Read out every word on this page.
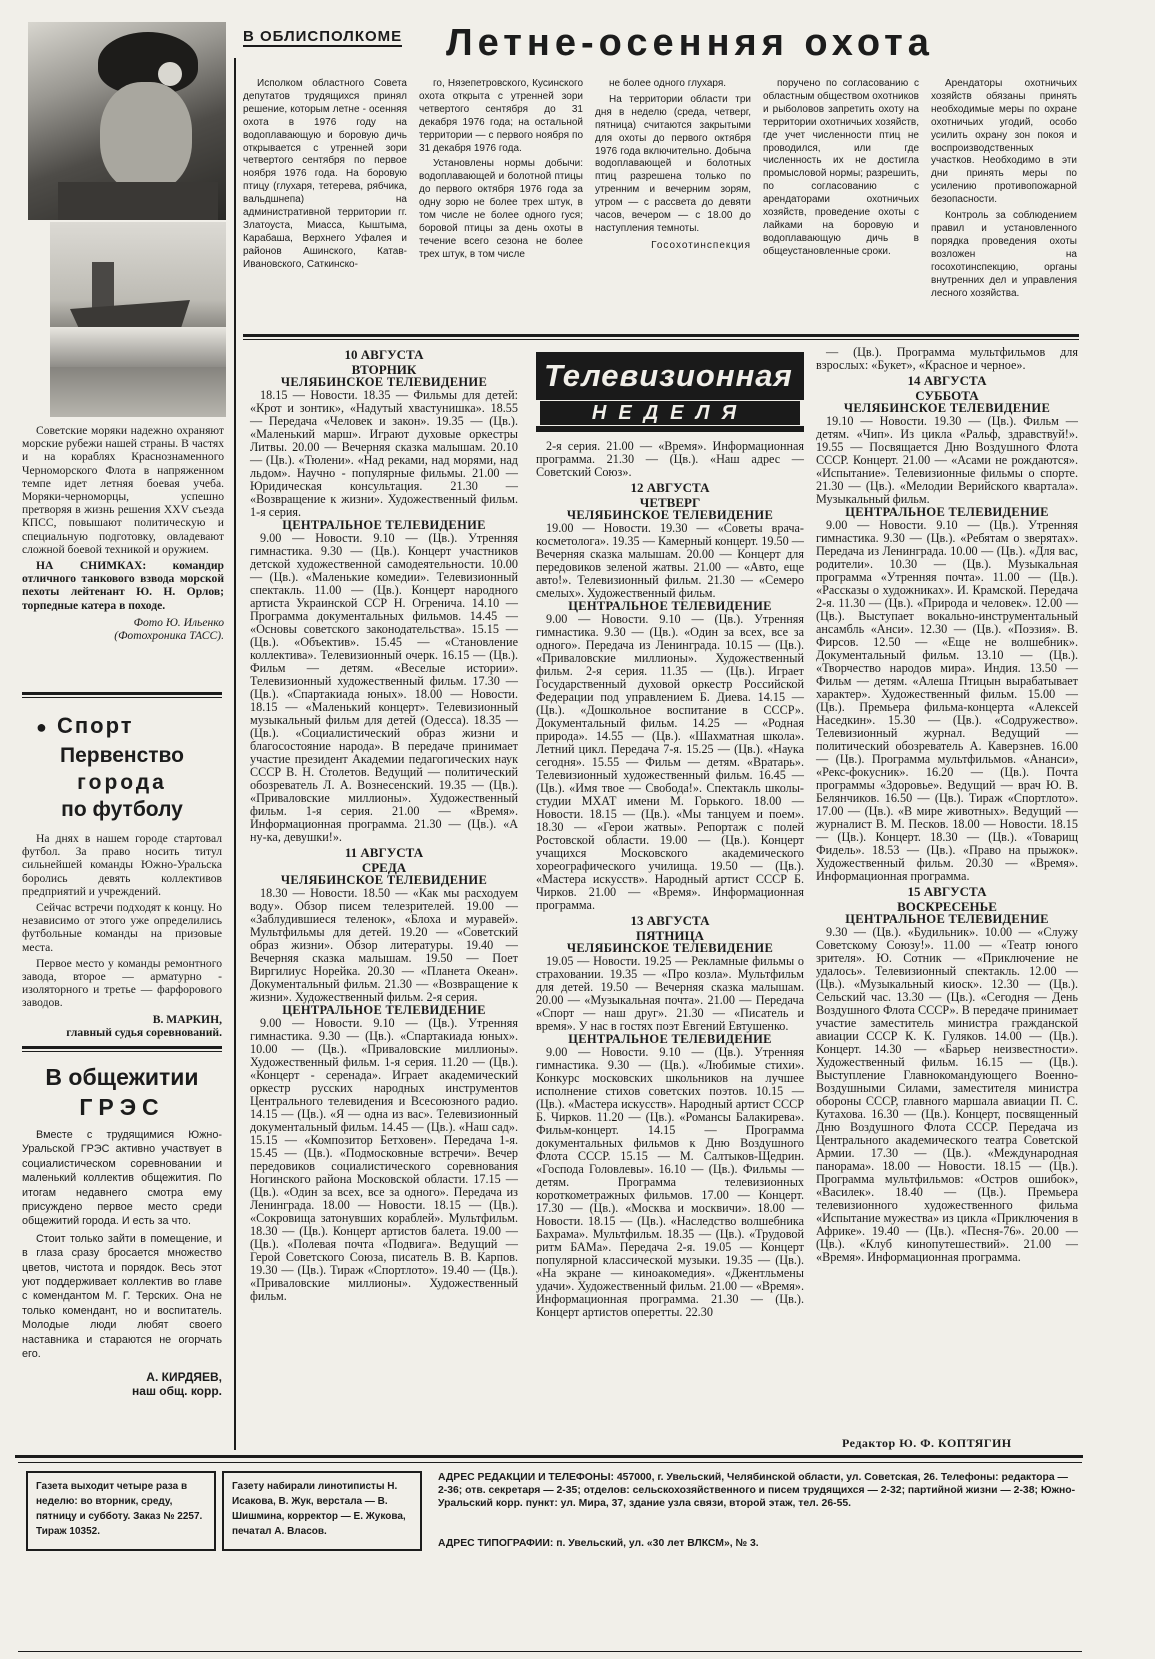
Советские моряки надежно охраняют морские рубежи нашей страны. В частях и на кораблях Краснознаменного Черноморского Флота в напряженном темпе идет летняя боевая учеба. Моряки-черноморцы, успешно претворяя в жизнь решения XXV съезда КПСС, повышают политическую и специальную подготовку, овладевают сложной боевой техникой и оружием.

НА СНИМКАХ: командир отличного танкового взвода морской пехоты лейтенант Ю. Н. Орлов; торпедные катера в походе.

Фото Ю. Ильенко
(Фотохроника ТАСС).
● Спорт
Первенство
города
по футболу

На днях в нашем городе стартовал футбол. За право носить титул сильнейшей команды Южно-Уральска боролись девять коллективов предприятий и учреждений.

Сейчас встречи подходят к концу. Но независимо от этого уже определились футбольные команды на призовые места.

Первое место у команды ремонтного завода, второе — арматурно - изоляторного и третье — фарфорового заводов.

В. МАРКИН,
главный судья соревнований.
В общежитии
ГРЭС

Вместе с трудящимися Южно-Уральской ГРЭС активно участвует в социалистическом соревновании и маленький коллектив общежития. По итогам недавнего смотра ему присуждено первое место среди общежитий города. И есть за что.

Стоит только зайти в помещение, и в глаза сразу бросается множество цветов, чистота и порядок. Весь этот уют поддерживает коллектив во главе с комендантом М. Г. Терских. Она не только комендант, но и воспитатель. Молодые люди любят своего наставника и стараются не огорчать его.

А. КИРДЯЕВ,
наш общ. корр.
В ОБЛИСПОЛКОМЕ Летне-осенняя охота

Исполком областного Совета депутатов трудящихся принял решение, которым летне - осенняя охота в 1976 году на водоплавающую и боровую дичь открывается с утренней зори четвертого сентября по первое ноября 1976 года. На боровую птицу (глухаря, тетерева, рябчика, вальдшнепа) на административной территории гг. Златоуста, Миасса, Кыштыма, Карабаша, Верхнего Уфалея и районов Ашинского, Катав-Ивановского, Саткинско-

го, Нязепетровского, Кусинского охота открыта с утренней зори четвертого сентября до 31 декабря 1976 года; на остальной территории — с первого ноября по 31 декабря 1976 года.

Установлены нормы добычи: водоплавающей и болотной птицы до первого октября 1976 года за одну зорю не более трех штук, в том числе не более одного гуся; боровой птицы за день охоты в течение всего сезона не более трех штук, в том числе

не более одного глухаря.

На территории области три дня в неделю (среда, четверг, пятница) считаются закрытыми для охоты до первого октября 1976 года включительно. Добыча водоплавающей и болотных птиц разрешена только по утренним и вечерним зорям, утром — с рассвета до девяти часов, вечером — с 18.00 до наступления темноты.

Госохотинспекция

поручено по согласованию с областным обществом охотников и рыболовов запретить охоту на территории охотничьих хозяйств, где учет численности птиц не проводился, или где численность их не достигла промысловой нормы; разрешить, по согласованию с арендаторами охотничьих хозяйств, проведение охоты с лайками на боровую и водоплавающую дичь в общеустановленные сроки.

Арендаторы охотничьих хозяйств обязаны принять необходимые меры по охране охотничьих угодий, особо усилить охрану зон покоя и воспроизводственных участков. Необходимо в эти дни принять меры по усилению противопожарной безопасности.

Контроль за соблюдением правил и установленного порядка проведения охоты возложен на госохотинспекцию, органы внутренних дел и управления лесного хозяйства.

10 АВГУСТА
ВТОРНИК
ЧЕЛЯБИНСКОЕ ТЕЛЕВИДЕНИЕ

18.15 — Новости. 18.35 — Фильмы для детей: «Крот и зонтик», «Надутый хвастунишка». 18.55 — Передача «Человек и закон». 19.35 — (Цв.). «Маленький марш». Играют духовые оркестры Литвы. 20.00 — Вечерняя сказка малышам. 20.10 — (Цв.). «Тюлени». «Над реками, над морями, над льдом». Научно - популярные фильмы. 21.00 — Юридическая консультация. 21.30 — «Возвращение к жизни». Художественный фильм. 1-я серия.

ЦЕНТРАЛЬНОЕ ТЕЛЕВИДЕНИЕ

9.00 — Новости. 9.10 — (Цв.). Утренняя гимнастика. 9.30 — (Цв.). Концерт участников детской художественной самодеятельности. 10.00 — (Цв.). «Маленькие комедии». Телевизионный спектакль. 11.00 — (Цв.). Концерт народного артиста Украинской ССР Н. Огренича. 14.10 — Программа документальных фильмов. 14.45 — «Основы советского законодательства». 15.15 — (Цв.). «Объектив». 15.45 — «Становление коллектива». Телевизионный очерк. 16.15 — (Цв.). Фильм — детям. «Веселые истории». Телевизионный художественный фильм. 17.30 — (Цв.). «Спартакиада юных». 18.00 — Новости. 18.15 — «Маленький концерт». Телевизионный музыкальный фильм для детей (Одесса). 18.35 — (Цв.). «Социалистический образ жизни и благосостояние народа». В передаче принимает участие президент Академии педагогических наук СССР В. Н. Столетов. Ведущий — политический обозреватель Л. А. Вознесенский. 19.35 — (Цв.). «Приваловские миллионы». Художественный фильм. 1-я серия. 21.00 — «Время». Информационная программа. 21.30 — (Цв.). «А ну-ка, девушки!».

11 АВГУСТА
СРЕДА
ЧЕЛЯБИНСКОЕ ТЕЛЕВИДЕНИЕ

18.30 — Новости. 18.50 — «Как мы расходуем воду». Обзор писем телезрителей. 19.00 — «Заблудившиеся теленок», «Блоха и муравей». Мультфильмы для детей. 19.20 — «Советский образ жизни». Обзор литературы. 19.40 — Вечерняя сказка малышам. 19.50 — Поет Виргилиус Норейка. 20.30 — «Планета Океан». Документальный фильм. 21.30 — «Возвращение к жизни». Художественный фильм. 2-я серия.

ЦЕНТРАЛЬНОЕ ТЕЛЕВИДЕНИЕ

9.00 — Новости. 9.10 — (Цв.). Утренняя гимнастика. 9.30 — (Цв.). «Спартакиада юных». 10.00 — (Цв.). «Приваловские миллионы». Художественный фильм. 1-я серия. 11.20 — (Цв.). «Концерт - серенада». Играет академический оркестр русских народных инструментов Центрального телевидения и Всесоюзного радио. 14.15 — (Цв.). «Я — одна из вас». Телевизионный документальный фильм. 14.45 — (Цв.). «Наш сад». 15.15 — «Композитор Бетховен». Передача 1-я. 15.45 — (Цв.). «Подмосковные встречи». Вечер передовиков социалистического соревнования Ногинского района Московской области. 17.15 — (Цв.). «Один за всех, все за одного». Передача из Ленинграда. 18.00 — Новости. 18.15 — (Цв.). «Сокровища затонувших кораблей». Мультфильм. 18.30 — (Цв.). Концерт артистов балета. 19.00 — (Цв.). «Полевая почта «Подвига». Ведущий — Герой Советского Союза, писатель В. В. Карпов. 19.30 — (Цв.). Тираж «Спортлото». 19.40 — (Цв.). «Приваловские миллионы». Художественный фильм.

Телевизионная
НЕДЕЛЯ

2-я серия. 21.00 — «Время». Информационная программа. 21.30 — (Цв.). «Наш адрес — Советский Союз».

12 АВГУСТА
ЧЕТВЕРГ
ЧЕЛЯБИНСКОЕ ТЕЛЕВИДЕНИЕ

19.00 — Новости. 19.30 — «Советы врача-косметолога». 19.35 — Камерный концерт. 19.50 — Вечерняя сказка малышам. 20.00 — Концерт для передовиков зеленой жатвы. 21.00 — «Авто, еще авто!». Телевизионный фильм. 21.30 — «Семеро смелых». Художественный фильм.

ЦЕНТРАЛЬНОЕ ТЕЛЕВИДЕНИЕ

9.00 — Новости. 9.10 — (Цв.). Утренняя гимнастика. 9.30 — (Цв.). «Один за всех, все за одного». Передача из Ленинграда. 10.15 — (Цв.). «Приваловские миллионы». Художественный фильм. 2-я серия. 11.35 — (Цв.). Играет Государственный духовой оркестр Российской Федерации под управлением Б. Диева. 14.15 — (Цв.). «Дошкольное воспитание в СССР». Документальный фильм. 14.25 — «Родная природа». 14.55 — (Цв.). «Шахматная школа». Летний цикл. Передача 7-я. 15.25 — (Цв.). «Наука сегодня». 15.55 — Фильм — детям. «Вратарь». Телевизионный художественный фильм. 16.45 — (Цв.). «Имя твое — Свобода!». Спектакль школы-студии МХАТ имени М. Горького. 18.00 — Новости. 18.15 — (Цв.). «Мы танцуем и поем». 18.30 — «Герои жатвы». Репортаж с полей Ростовской области. 19.00 — (Цв.). Концерт учащихся Московского академического хореографического училища. 19.50 — (Цв.). «Мастера искусств». Народный артист СССР Б. Чирков. 21.00 — «Время». Информационная программа.

13 АВГУСТА
ПЯТНИЦА
ЧЕЛЯБИНСКОЕ ТЕЛЕВИДЕНИЕ

19.05 — Новости. 19.25 — Рекламные фильмы о страховании. 19.35 — «Про козла». Мультфильм для детей. 19.50 — Вечерняя сказка малышам. 20.00 — «Музыкальная почта». 21.00 — Передача «Спорт — наш друг». 21.30 — «Писатель и время». У нас в гостях поэт Евгений Евтушенко.

ЦЕНТРАЛЬНОЕ ТЕЛЕВИДЕНИЕ

9.00 — Новости. 9.10 — (Цв.). Утренняя гимнастика. 9.30 — (Цв.). «Любимые стихи». Конкурс московских школьников на лучшее исполнение стихов советских поэтов. 10.15 — (Цв.). «Мастера искусств». Народный артист СССР Б. Чирков. 11.20 — (Цв.). «Романсы Балакирева». Фильм-концерт. 14.15 — Программа документальных фильмов к Дню Воздушного Флота СССР. 15.15 — М. Салтыков-Щедрин. «Господа Головлевы». 16.10 — (Цв.). Фильмы — детям. Программа телевизионных короткометражных фильмов. 17.00 — Концерт. 17.30 — (Цв.). «Москва и москвичи». 18.00 — Новости. 18.15 — (Цв.). «Наследство волшебника Бахрама». Мультфильм. 18.35 — (Цв.). «Трудовой ритм БАМа». Передача 2-я. 19.05 — Концерт популярной классической музыки. 19.35 — (Цв.). «На экране — киноакомедия». «Джентльмены удачи». Художественный фильм. 21.00 — «Время». Информационная программа. 21.30 — (Цв.). Концерт артистов оперетты. 22.30

— (Цв.). Программа мультфильмов для взрослых: «Букет», «Красное и черное».

14 АВГУСТА
СУББОТА
ЧЕЛЯБИНСКОЕ ТЕЛЕВИДЕНИЕ

19.10 — Новости. 19.30 — (Цв.). Фильм — детям. «Чип». Из цикла «Ральф, здравствуй!». 19.55 — Посвящается Дню Воздушного Флота СССР. Концерт. 21.00 — «Асами не рождаются». «Испытание». Телевизионные фильмы о спорте. 21.30 — (Цв.). «Мелодии Верийского квартала». Музыкальный фильм.

ЦЕНТРАЛЬНОЕ ТЕЛЕВИДЕНИЕ

9.00 — Новости. 9.10 — (Цв.). Утренняя гимнастика. 9.30 — (Цв.). «Ребятам о зверятах». Передача из Ленинграда. 10.00 — (Цв.). «Для вас, родители». 10.30 — (Цв.). Музыкальная программа «Утренняя почта». 11.00 — (Цв.). «Рассказы о художниках». И. Крамской. Передача 2-я. 11.30 — (Цв.). «Природа и человек». 12.00 — (Цв.). Выступает вокально-инструментальный ансамбль «Анси». 12.30 — (Цв.). «Поэзия». В. Фирсов. 12.50 — «Еще не волшебник». Документальный фильм. 13.10 — (Цв.). «Творчество народов мира». Индия. 13.50 — Фильм — детям. «Алеша Птицын вырабатывает характер». Художественный фильм. 15.00 — (Цв.). Премьера фильма-концерта «Алексей Наседкин». 15.30 — (Цв.). «Содружество». Телевизионный журнал. Ведущий — политический обозреватель А. Каверзнев. 16.00 — (Цв.). Программа мультфильмов. «Ананси», «Рекс-фокусник». 16.20 — (Цв.). Почта программы «Здоровье». Ведущий — врач Ю. В. Белянчиков. 16.50 — (Цв.). Тираж «Спортлото». 17.00 — (Цв.). «В мире животных». Ведущий — журналист В. М. Песков. 18.00 — Новости. 18.15 — (Цв.). Концерт. 18.30 — (Цв.). «Товарищ Фидель». 18.53 — (Цв.). «Право на прыжок». Художественный фильм. 20.30 — «Время». Информационная программа.

15 АВГУСТА
ВОСКРЕСЕНЬЕ
ЦЕНТРАЛЬНОЕ ТЕЛЕВИДЕНИЕ

9.30 — (Цв.). «Будильник». 10.00 — «Служу Советскому Союзу!». 11.00 — «Театр юного зрителя». Ю. Сотник — «Приключение не удалось». Телевизионный спектакль. 12.00 — (Цв.). «Музыкальный киоск». 12.30 — (Цв.). Сельский час. 13.30 — (Цв.). «Сегодня — День Воздушного Флота СССР». В передаче принимает участие заместитель министра гражданской авиации СССР К. К. Гуляков. 14.00 — (Цв.). Концерт. 14.30 — «Барьер неизвестности». Художественный фильм. 16.15 — (Цв.). Выступление Главнокомандующего Военно-Воздушными Силами, заместителя министра обороны СССР, главного маршала авиации П. С. Кутахова. 16.30 — (Цв.). Концерт, посвященный Дню Воздушного Флота СССР. Передача из Центрального академического театра Советской Армии. 17.30 — (Цв.). «Международная панорама». 18.00 — Новости. 18.15 — (Цв.). Программа мультфильмов: «Остров ошибок», «Василек». 18.40 — (Цв.). Премьера телевизионного художественного фильма «Испытание мужества» из цикла «Приключения в Африке». 19.40 — (Цв.). «Песня-76». 20.00 — (Цв.). «Клуб кинопутешествий». 21.00 — «Время». Информационная программа.

Редактор Ю. Ф. КОПТЯГИН
Газета выходит четыре раза в неделю: во вторник, среду, пятницу и субботу. Заказ № 2257. Тираж 10352.
Газету набирали линотиписты Н. Исакова, В. Жук, верстала — В. Шишмина, корректор — Е. Жукова, печатал А. Власов.
АДРЕС РЕДАКЦИИ И ТЕЛЕФОНЫ: 457000, г. Увельский, Челябинской области, ул. Советская, 26. Телефоны: редактора — 2-36; отв. секретаря — 2-35; отделов: сельскохозяйственного и писем трудящихся — 2-32; партийной жизни — 2-38; Южно-Уральский корр. пункт: ул. Мира, 37, здание узла связи, второй этаж, тел. 26-55.
АДРЕС ТИПОГРАФИИ: п. Увельский, ул. «30 лет ВЛКСМ», № 3.
